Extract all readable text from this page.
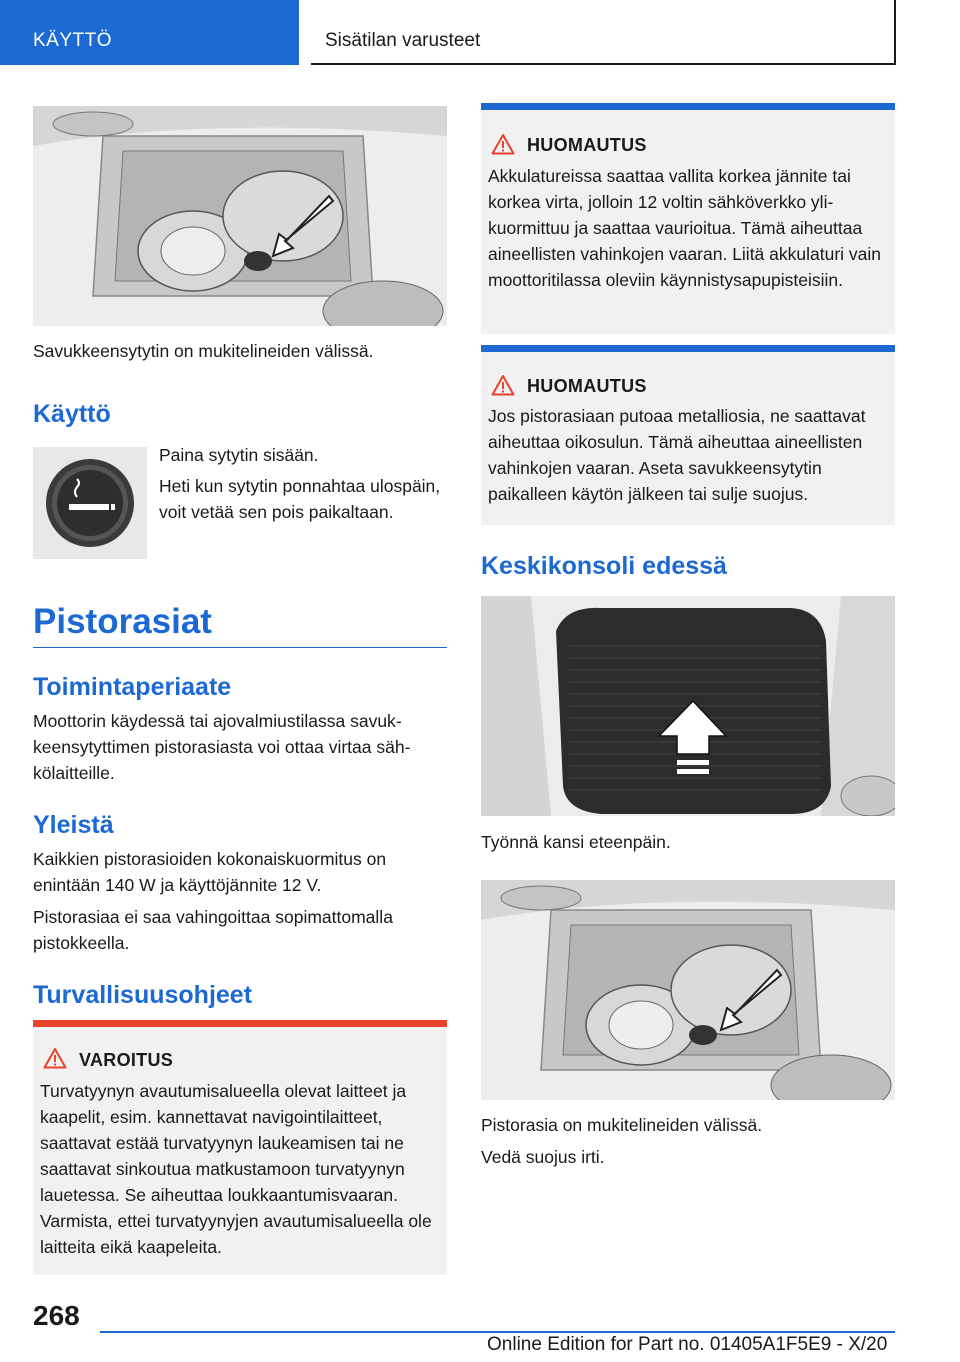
KÄYTTÖ	Sisätilan varusteet
Savukkeensytytin on mukitelineiden välissä.
Käyttö
Paina sytytin sisään.
Heti kun sytytin ponnahtaa ulospäin, voit vetää sen pois paikaltaan.
Pistorasiat
Toimintaperiaate
Moottorin käydessä tai ajovalmiustilassa savukkeensytyttimen pistorasiasta voi ottaa virtaa sähkölaitteille.
Yleistä
Kaikkien pistorasioiden kokonaiskuormitus on enintään 140 W ja käyttöjännite 12 V.
Pistorasiaa ei saa vahingoittaa sopimattomalla pistokkeella.
Turvallisuusohjeet
VAROITUS
Turvatyynyn avautumisalueella olevat laitteet ja kaapelit, esim. kannettavat navigointilaitteet, saattavat estää turvatyynyn laukeamisen tai ne saattavat sinkoutua matkustamoon turvatyynyn lauetessa. Se aiheuttaa loukkaantumisvaaran. Varmista, ettei turvatyynyjen avautumisalueella ole laitteita eikä kaapeleita.
HUOMAUTUS
Akkulatureissa saattaa vallita korkea jännite tai korkea virta, jolloin 12 voltin sähköverkko ylikuormittuu ja saattaa vaurioitua. Tämä aiheuttaa aineellisten vahinkojen vaaran. Liitä akkulaturi vain moottoritilassa oleviin käynnistysapupisteisiin.
HUOMAUTUS
Jos pistorasiaan putoaa metalliosia, ne saattavat aiheuttaa oikosulun. Tämä aiheuttaa aineellisten vahinkojen vaaran. Aseta savukkeensytytin paikalleen käytön jälkeen tai sulje suojus.
Keskikonsoli edessä
Työnnä kansi eteenpäin.
Pistorasia on mukitelineiden välissä.
Vedä suojus irti.
268
Online Edition for Part no. 01405A1F5E9 - X/20
